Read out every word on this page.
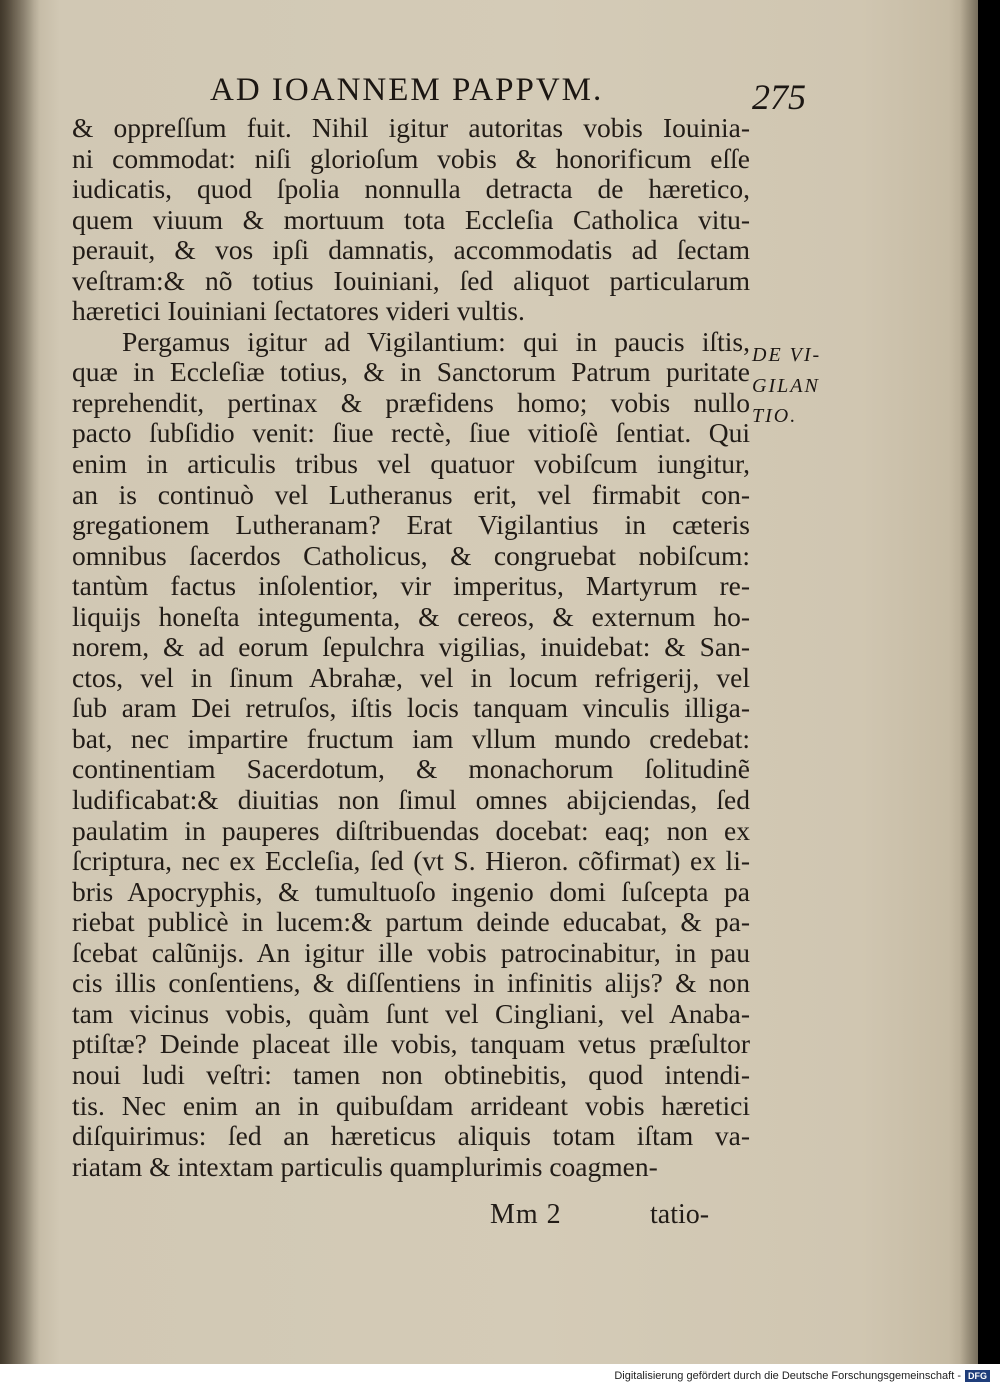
AD IOANNEM PAPPVM.	275
& oppreſſum fuit. Nihil igitur autoritas vobis Iouinia-
ni commodat: niſi glorioſum vobis & honorificum eſſe
iudicatis, quod ſpolia nonnulla detracta de hæretico,
quem viuum & mortuum tota Eccleſia Catholica vitu-
perauit, & vos ipſi damnatis, accommodatis ad ſectam
veſtram:& nõ totius Iouiniani, ſed aliquot particularum
hæretici Iouiniani ſectatores videri vultis.
Pergamus igitur ad Vigilantium: qui in paucis iſtis,
quæ in Eccleſiæ totius, & in Sanctorum Patrum puritate
reprehendit, pertinax & præfidens homo; vobis nullo
pacto ſubſidio venit: ſiue rectè, ſiue vitioſè ſentiat. Qui
enim in articulis tribus vel quatuor vobiſcum iungitur,
an is continuò vel Lutheranus erit, vel firmabit con-
gregationem Lutheranam? Erat Vigilantius in cæteris
omnibus ſacerdos Catholicus, & congruebat nobiſcum:
tantùm factus inſolentior, vir imperitus, Martyrum re-
liquijs honeſta integumenta, & cereos, & externum ho-
norem, & ad eorum ſepulchra vigilias, inuidebat: & San-
ctos, vel in ſinum Abrahæ, vel in locum refrigerij, vel
ſub aram Dei retruſos, iſtis locis tanquam vinculis illiga-
bat, nec impartire fructum iam vllum mundo credebat:
continentiam Sacerdotum, & monachorum ſolitudinẽ
ludificabat:& diuitias non ſimul omnes abijciendas, ſed
paulatim in pauperes diſtribuendas docebat: eaq; non ex
ſcriptura, nec ex Eccleſia, ſed (vt S. Hieron. cõfirmat) ex li-
bris Apocryphis, & tumultuoſo ingenio domi ſuſcepta pa
riebat publicè in lucem:& partum deinde educabat, & pa-
ſcebat calũnijs. An igitur ille vobis patrocinabitur, in pau
cis illis conſentiens, & diſſentiens in infinitis alijs? & non
tam vicinus vobis, quàm ſunt vel Cingliani, vel Anaba-
ptiſtæ? Deinde placeat ille vobis, tanquam vetus præſultor
noui ludi veſtri: tamen non obtinebitis, quod intendi-
tis. Nec enim an in quibuſdam arrideant vobis hæretici
diſquirimus: ſed an hæreticus aliquis totam iſtam va-
riatam & intextam particulis quamplurimis coagmen-
DE VI-
GILAN
TIO.
Mm 2	tatio-
Digitalisierung gefördert durch die Deutsche Forschungsgemeinschaft - DFG
